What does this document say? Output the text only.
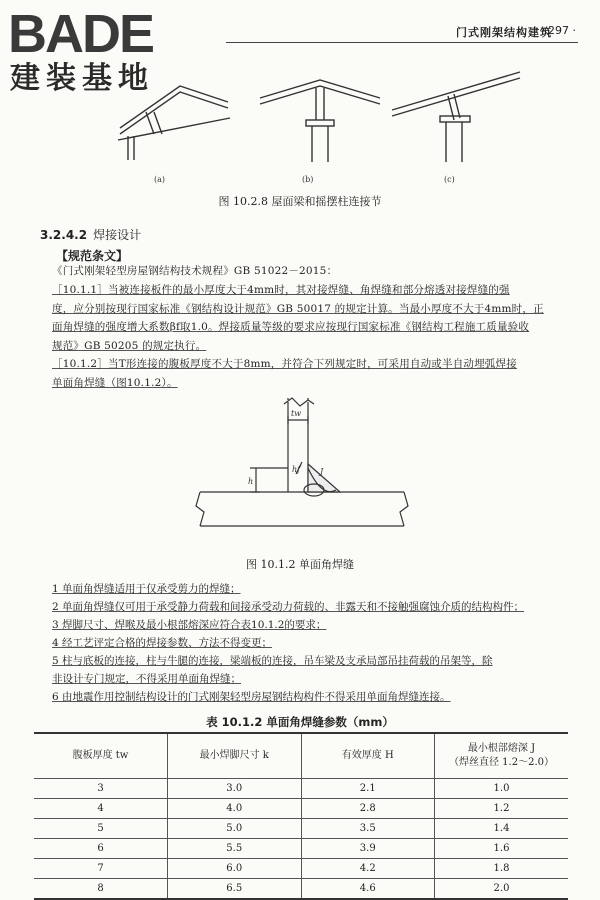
BADE
建装基地
门式刚架结构建筑
· 297 ·
(a)	(b)	(c)
图 10.2.8 屋面梁和摇摆柱连接节
3.2.4.2 焊接设计
【规范条文】
《门式刚架轻型房屋钢结构技术规程》GB 51022－2015：
［10.1.1］当被连接板件的最小厚度大于4mm时，其对接焊缝、角焊缝和部分熔透对接焊缝的强
度，应分别按现行国家标准《钢结构设计规范》GB 50017 的规定计算。当最小厚度不大于4mm时，正
面角焊缝的强度增大系数βf取1.0。焊接质量等级的要求应按现行国家标准《钢结构工程施工质量验收
规范》GB 50205 的规定执行。
［10.1.2］当T形连接的腹板厚度不大于8mm，并符合下列规定时，可采用自动或半自动埋弧焊接
单面角焊缝（图10.1.2）。
tw
h
hf J
图 10.1.2 单面角焊缝
1 单面角焊缝适用于仅承受剪力的焊缝；
2 单面角焊缝仅可用于承受静力荷载和间接承受动力荷载的、非露天和不接触强腐蚀介质的结构构件；
3 焊脚尺寸、焊喉及最小根部熔深应符合表10.1.2的要求；
4 经工艺评定合格的焊接参数、方法不得变更；
5 柱与底板的连接，柱与牛腿的连接，梁端板的连接，吊车梁及支承局部吊挂荷载的吊架等，除
非设计专门规定，不得采用单面角焊缝；
6 由地震作用控制结构设计的门式刚架轻型房屋钢结构构件不得采用单面角焊缝连接。
表 10.1.2 单面角焊缝参数（mm）
腹板厚度 tw	最小焊脚尺寸 k	有效厚度 H	最小根部熔深 J
（焊丝直径 1.2～2.0）

3	3.0	2.1	1.0
4	4.0	2.8	1.2
5	5.0	3.5	1.4
6	5.5	3.9	1.6
7	6.0	4.2	1.8
8	6.5	4.6	2.0
